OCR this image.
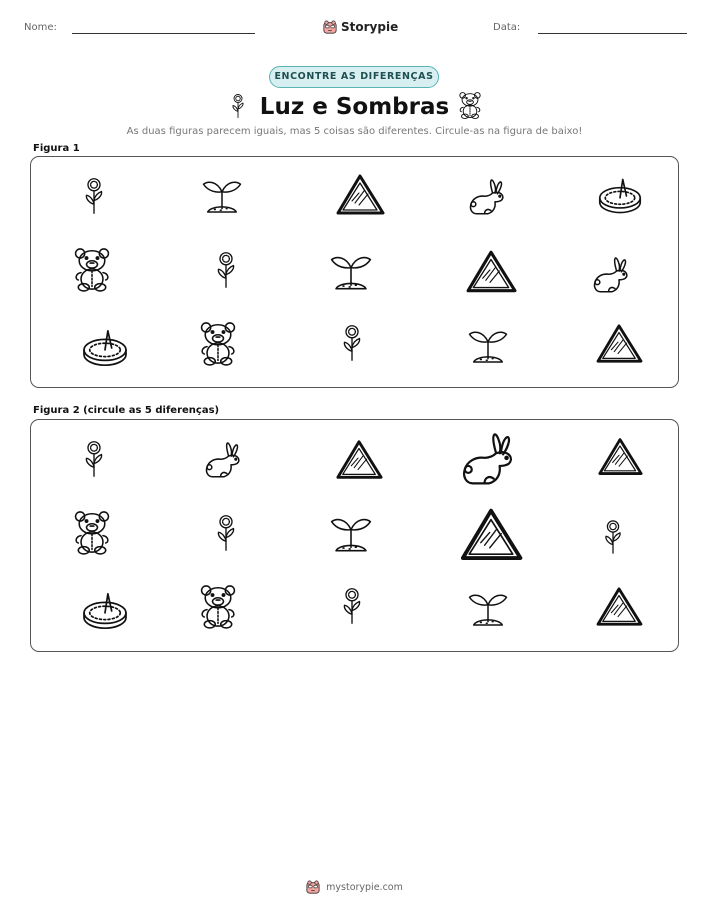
Nome:	Storypie	Data:
ENCONTRE AS DIFERENÇAS
Luz e Sombras
As duas figuras parecem iguais, mas 5 coisas são diferentes. Circule-as na figura de baixo!
Figura 1
Figura 2 (circule as 5 diferenças)
mystorypie.com
